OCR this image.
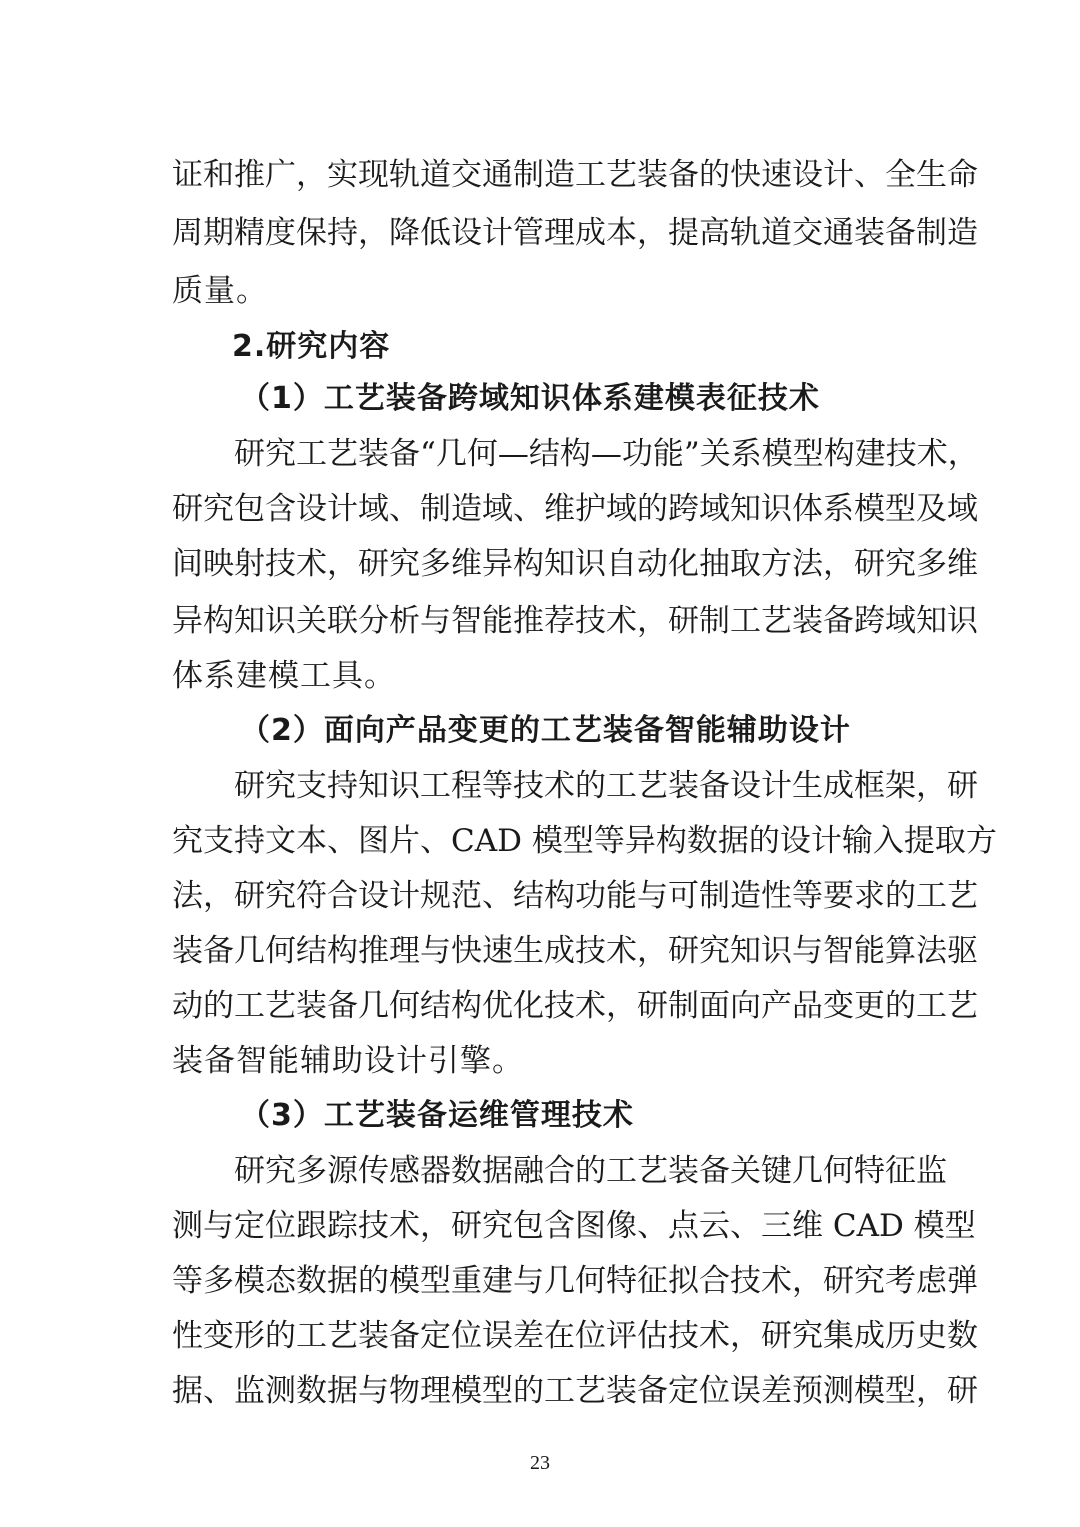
证和推广，实现轨道交通制造工艺装备的快速设计、全生命
周期精度保持，降低设计管理成本，提高轨道交通装备制造
质量。
2.研究内容
（1）工艺装备跨域知识体系建模表征技术
研究工艺装备“几何—结构—功能”关系模型构建技术，
研究包含设计域、制造域、维护域的跨域知识体系模型及域
间映射技术，研究多维异构知识自动化抽取方法，研究多维
异构知识关联分析与智能推荐技术，研制工艺装备跨域知识
体系建模工具。
（2）面向产品变更的工艺装备智能辅助设计
研究支持知识工程等技术的工艺装备设计生成框架，研
究支持文本、图片、CAD 模型等异构数据的设计输入提取方
法，研究符合设计规范、结构功能与可制造性等要求的工艺
装备几何结构推理与快速生成技术，研究知识与智能算法驱
动的工艺装备几何结构优化技术，研制面向产品变更的工艺
装备智能辅助设计引擎。
（3）工艺装备运维管理技术
研究多源传感器数据融合的工艺装备关键几何特征监
测与定位跟踪技术，研究包含图像、点云、三维 CAD 模型
等多模态数据的模型重建与几何特征拟合技术，研究考虑弹
性变形的工艺装备定位误差在位评估技术，研究集成历史数
据、监测数据与物理模型的工艺装备定位误差预测模型，研
23
